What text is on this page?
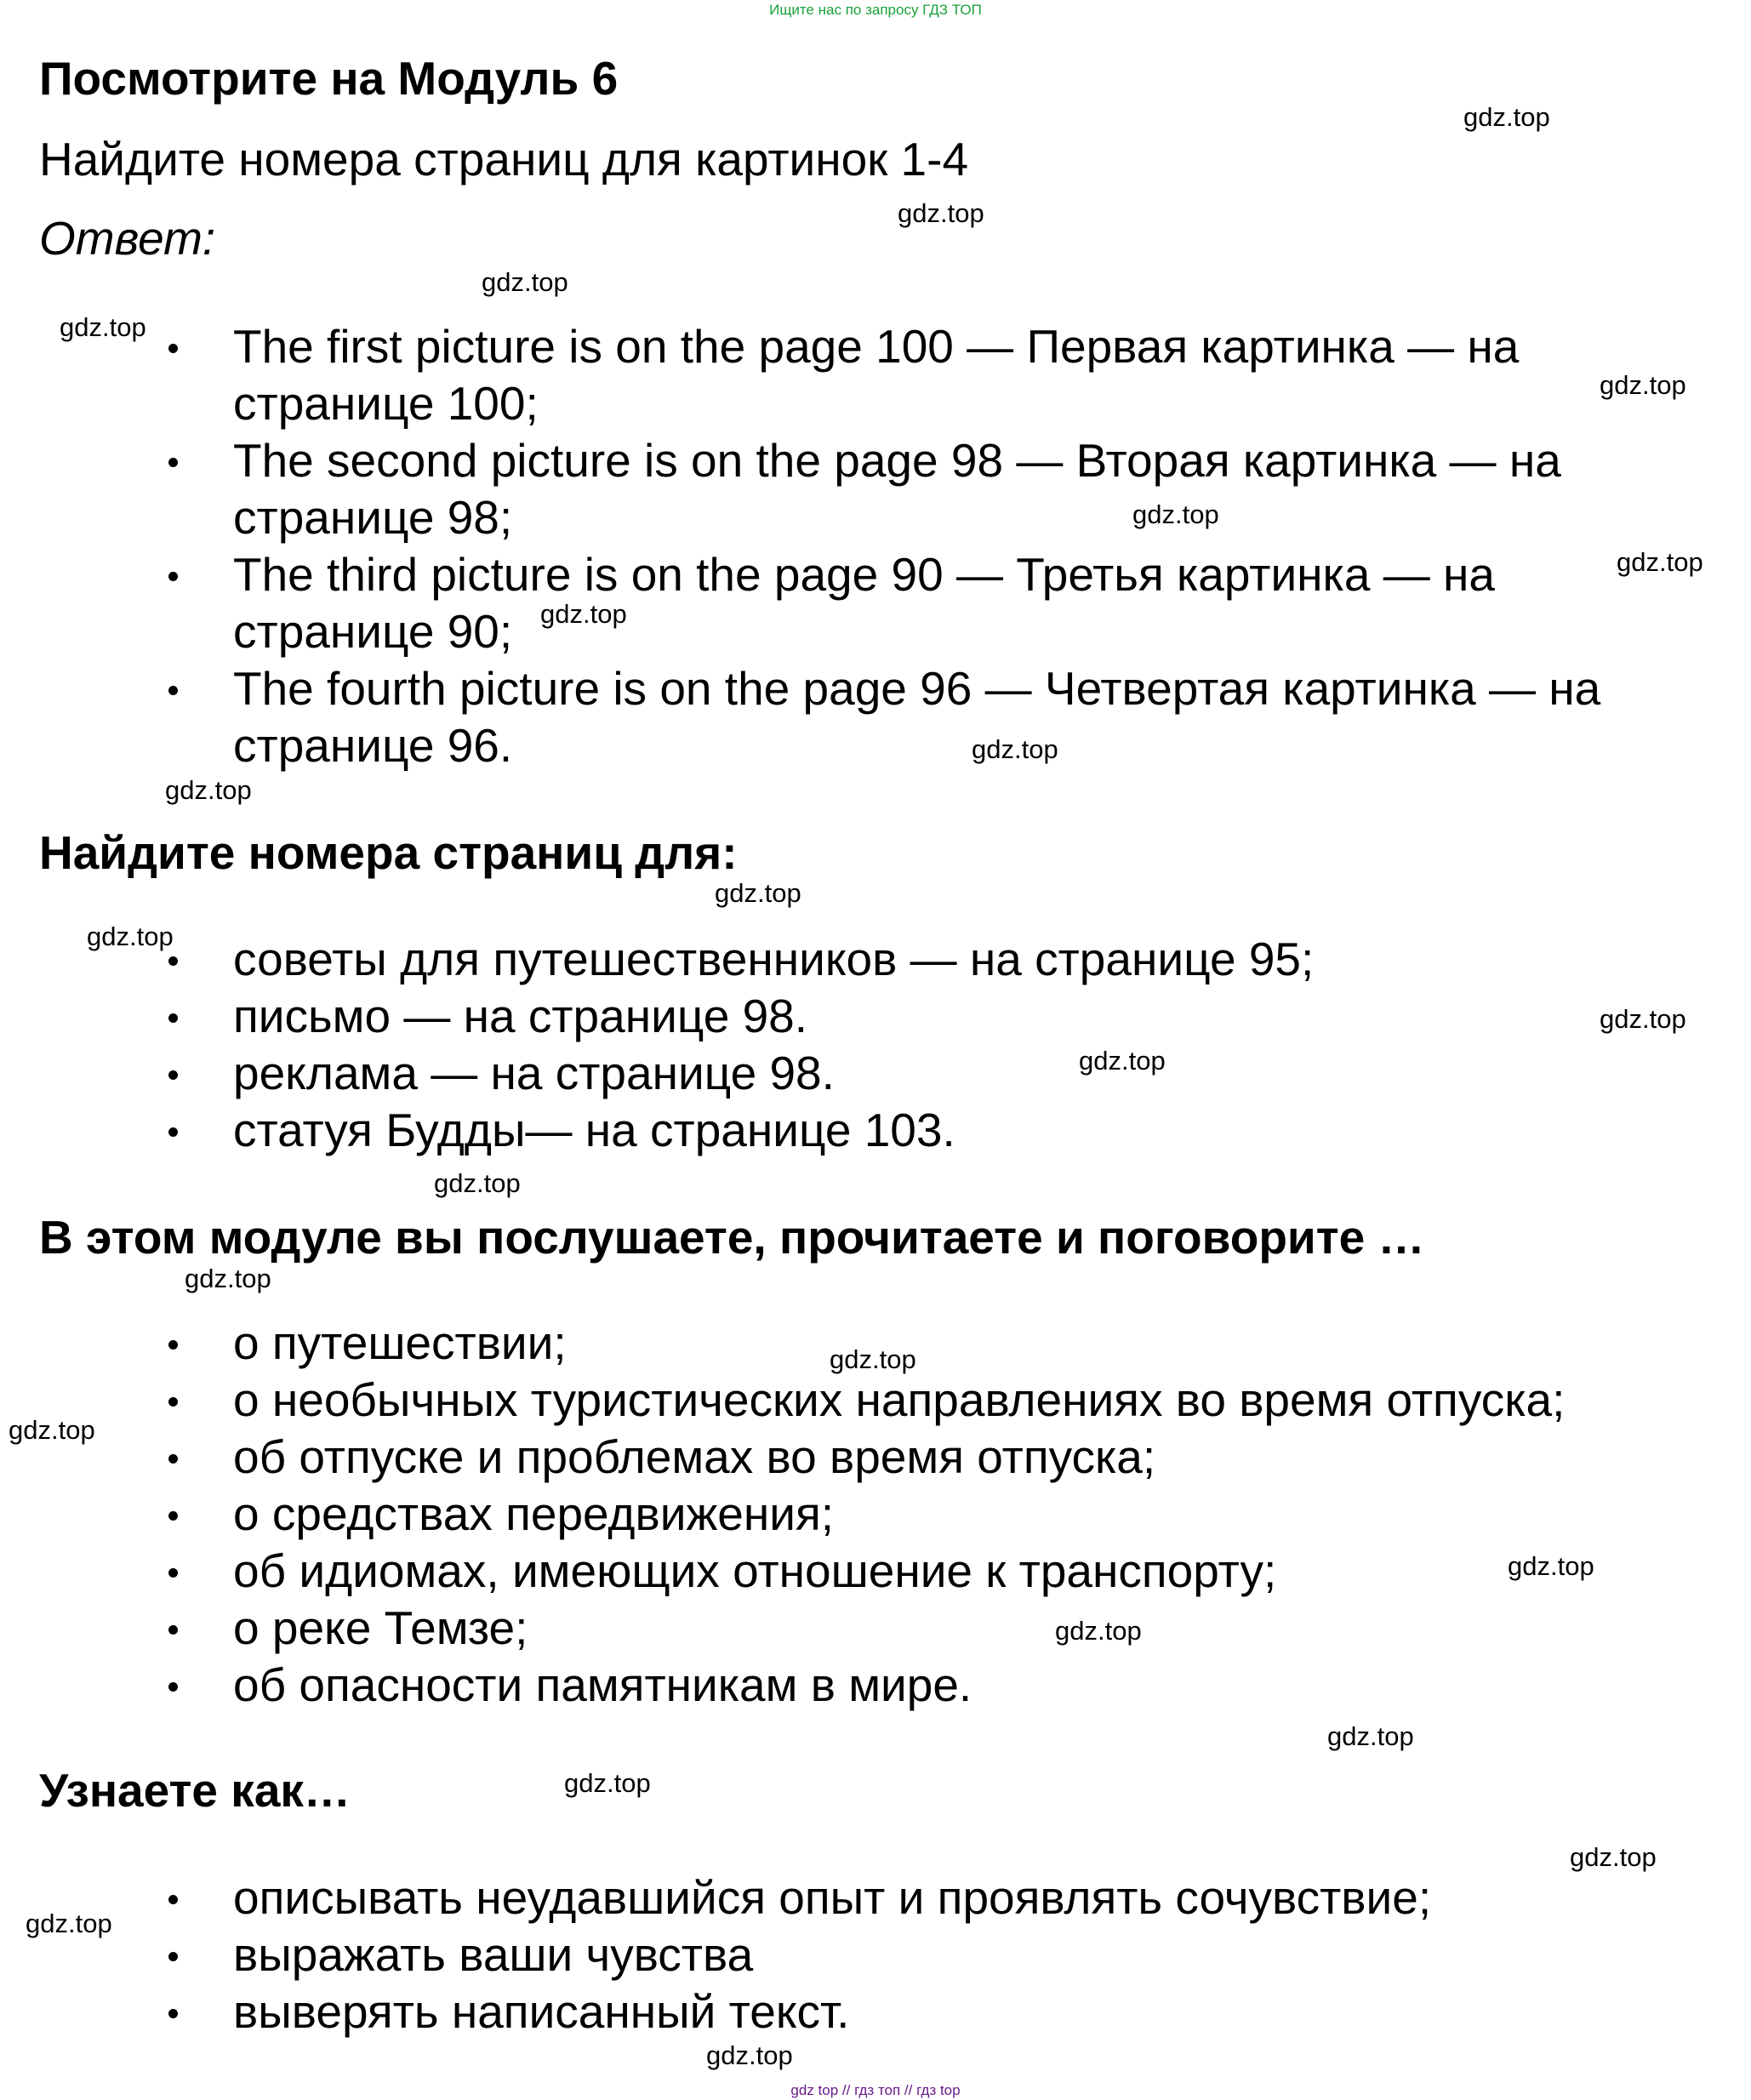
Ищите нас по запросу ГДЗ ТОП
Посмотрите на Модуль 6
Найдите номера страниц для картинок 1-4
Ответ:
The first picture is on the page 100 — Первая картинка — на
странице 100;
The second picture is on the page 98 — Вторая картинка — на
странице 98;
The third picture is on the page 90 — Третья картинка — на
странице 90;
The fourth picture is on the page 96 — Четвертая картинка — на
странице 96.
Найдите номера страниц для:
советы для путешественников — на странице 95;
письмо — на странице 98.
реклама — на странице 98.
статуя Будды— на странице 103.
В этом модуле вы послушаете, прочитаете и поговорите …
о путешествии;
о необычных туристических направлениях во время отпуска;
об отпуске и проблемах во время отпуска;
о средствах передвижения;
об идиомах, имеющих отношение к транспорту;
о реке Темзе;
об опасности памятникам в мире.
Узнаете как…
описывать неудавшийся опыт и проявлять сочувствие;
выражать ваши чувства
выверять написанный текст.
gdz.top
gdz.top
gdz.top
gdz.top
gdz.top
gdz.top
gdz.top
gdz.top
gdz.top
gdz.top
gdz.top
gdz.top
gdz.top
gdz.top
gdz.top
gdz.top
gdz.top
gdz.top
gdz.top
gdz.top
gdz.top
gdz.top
gdz.top
gdz.top
gdz.top
gdz top // гдз топ // гдз top
